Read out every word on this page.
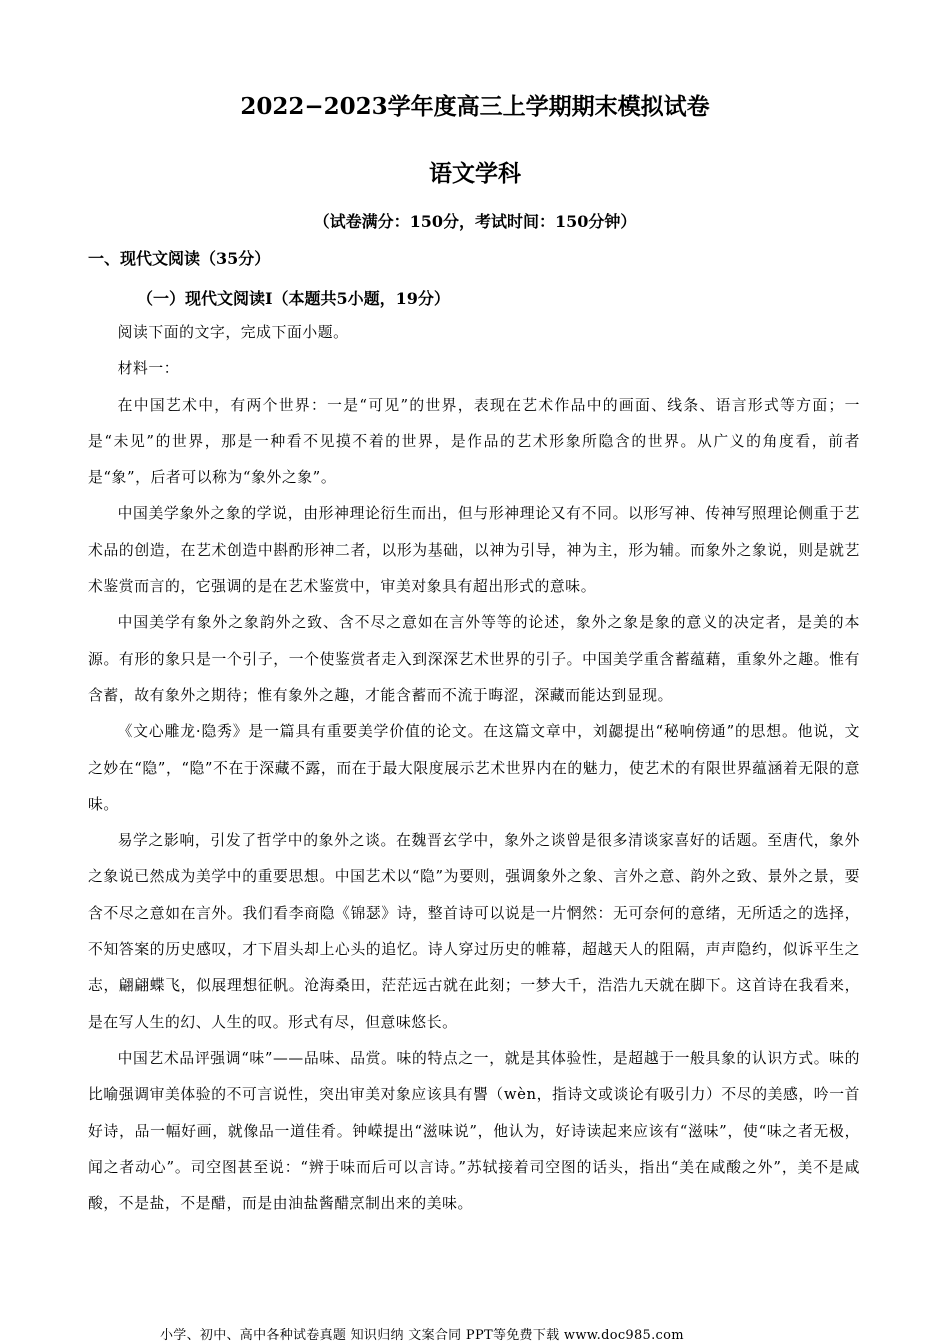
2022−2023学年度高三上学期期末模拟试卷
语文学科
（试卷满分：150分，考试时间：150分钟）
一、现代文阅读（35分）
（一）现代文阅读Ⅰ（本题共5小题，19分）

阅读下面的文字，完成下面小题。

材料一：

在中国艺术中，有两个世界：一是“可见”的世界，表现在艺术作品中的画面、线条、语言形式等方面；一是“未见”的世界，那是一种看不见摸不着的世界，是作品的艺术形象所隐含的世界。从广义的角度看，前者是“象”，后者可以称为“象外之象”。

中国美学象外之象的学说，由形神理论衍生而出，但与形神理论又有不同。以形写神、传神写照理论侧重于艺术品的创造，在艺术创造中斟酌形神二者，以形为基础，以神为引导，神为主，形为辅。而象外之象说，则是就艺术鉴赏而言的，它强调的是在艺术鉴赏中，审美对象具有超出形式的意味。

中国美学有象外之象韵外之致、含不尽之意如在言外等等的论述，象外之象是象的意义的决定者，是美的本源。有形的象只是一个引子，一个使鉴赏者走入到深深艺术世界的引子。中国美学重含蓄蕴藉，重象外之趣。惟有含蓄，故有象外之期待；惟有象外之趣，才能含蓄而不流于晦涩，深藏而能达到显现。

《文心雕龙·隐秀》是一篇具有重要美学价值的论文。在这篇文章中，刘勰提出“秘响傍通”的思想。他说，文之妙在“隐”，“隐”不在于深藏不露，而在于最大限度展示艺术世界内在的魅力，使艺术的有限世界蕴涵着无限的意味。

易学之影响，引发了哲学中的象外之谈。在魏晋玄学中，象外之谈曾是很多清谈家喜好的话题。至唐代，象外之象说已然成为美学中的重要思想。中国艺术以“隐”为要则，强调象外之象、言外之意、韵外之致、景外之景，要含不尽之意如在言外。我们看李商隐《锦瑟》诗，整首诗可以说是一片惘然：无可奈何的意绪，无所适之的选择，不知答案的历史感叹，才下眉头却上心头的追忆。诗人穿过历史的帷幕，超越天人的阻隔，声声隐约，似诉平生之志，翩翩蝶飞，似展理想征帆。沧海桑田，茫茫远古就在此刻；一梦大千，浩浩九天就在脚下。这首诗在我看来，是在写人生的幻、人生的叹。形式有尽，但意味悠长。

中国艺术品评强调“味”——品味、品赏。味的特点之一，就是其体验性，是超越于一般具象的认识方式。味的比喻强调审美体验的不可言说性，突出审美对象应该具有譻（wèn，指诗文或谈论有吸引力）不尽的美感，吟一首好诗，品一幅好画，就像品一道佳肴。钟嵘提出“滋味说”，他认为，好诗读起来应该有“滋味”，使“味之者无极，闻之者动心”。司空图甚至说：“辨于味而后可以言诗。”苏轼接着司空图的话头，指出“美在咸酸之外”，美不是咸酸，不是盐，不是醋，而是由油盐酱醋烹制出来的美味。

小学、初中、高中各种试卷真题 知识归纳 文案合同 PPT等免费下载 www.doc985.com
